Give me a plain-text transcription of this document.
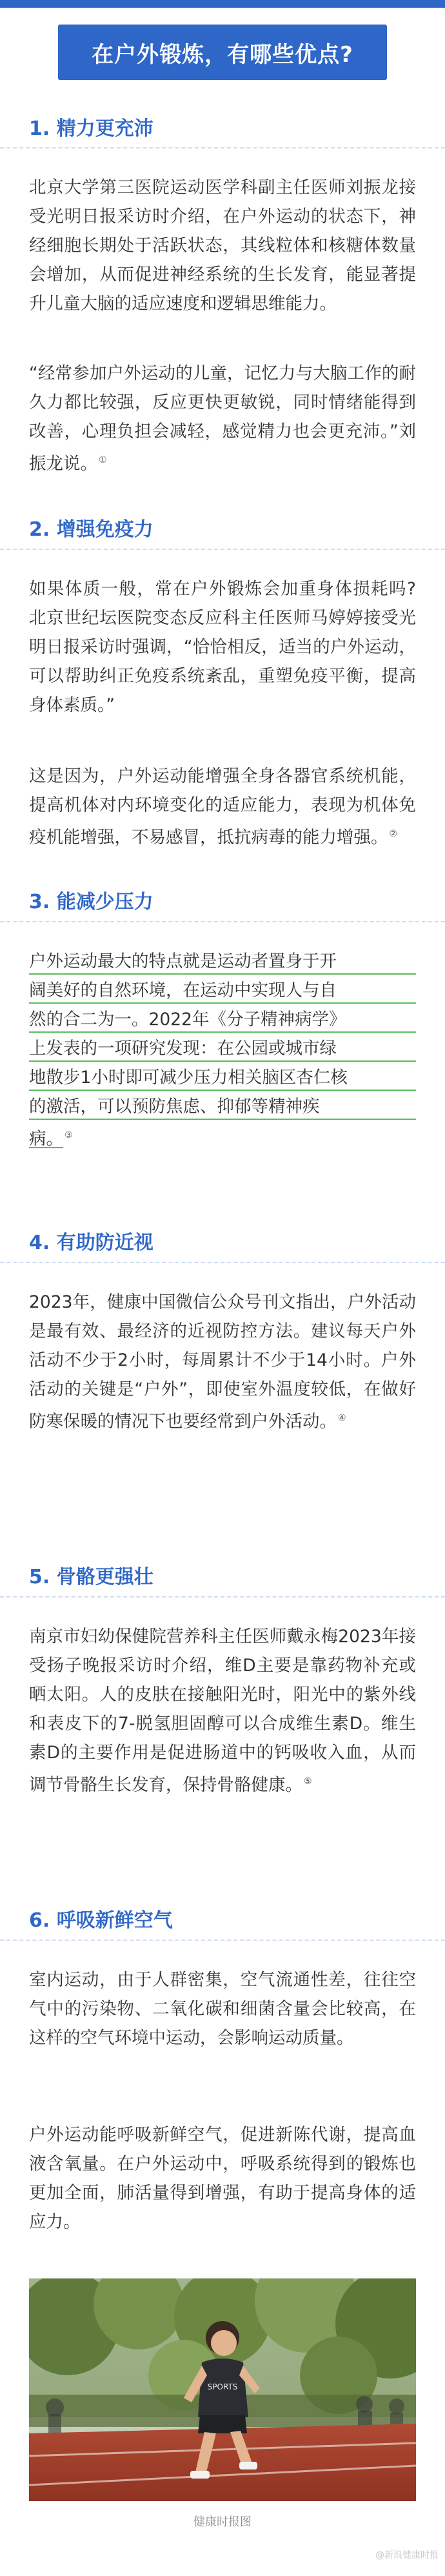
在户外锻炼，有哪些优点?
1. 精力更充沛

北京大学第三医院运动医学科副主任医师刘振龙接受光明日报采访时介绍，在户外运动的状态下，神经细胞长期处于活跃状态，其线粒体和核糖体数量会增加，从而促进神经系统的生长发育，能显著提升儿童大脑的适应速度和逻辑思维能力。

“经常参加户外运动的儿童，记忆力与大脑工作的耐久力都比较强，反应更快更敏锐，同时情绪能得到改善，心理负担会减轻，感觉精力也会更充沛。”刘振龙说。 ①

2. 增强免疫力

如果体质一般，常在户外锻炼会加重身体损耗吗? 北京世纪坛医院变态反应科主任医师马婷婷接受光明日报采访时强调，“恰恰相反，适当的户外运动，可以帮助纠正免疫系统紊乱，重塑免疫平衡，提高身体素质。”

这是因为，户外运动能增强全身各器官系统机能，提高机体对内环境变化的适应能力，表现为机体免疫机能增强，不易感冒，抵抗病毒的能力增强。 ②

3. 能减少压力
户外运动最大的特点就是运动者置身于开
阔美好的自然环境，在运动中实现人与自
然的合二为一。2022年《分子精神病学》
上发表的一项研究发现：在公园或城市绿
地散步1小时即可减少压力相关脑区杏仁核
的激活，可以预防焦虑、抑郁等精神疾
病。 ③
4. 有助防近视

2023年，健康中国微信公众号刊文指出，户外活动是最有效、最经济的近视防控方法。建议每天户外活动不少于2小时，每周累计不少于14小时。户外活动的关键是“户外”，即使室外温度较低，在做好防寒保暖的情况下也要经常到户外活动。 ④

5. 骨骼更强壮

南京市妇幼保健院营养科主任医师戴永梅2023年接受扬子晚报采访时介绍，维D主要是靠药物补充或晒太阳。人的皮肤在接触阳光时，阳光中的紫外线和表皮下的7-脱氢胆固醇可以合成维生素D。维生素D的主要作用是促进肠道中的钙吸收入血，从而调节骨骼生长发育，保持骨骼健康。 ⑤

6. 呼吸新鲜空气

室内运动，由于人群密集，空气流通性差，往往空气中的污染物、二氧化碳和细菌含量会比较高，在这样的空气环境中运动，会影响运动质量。

户外运动能呼吸新鲜空气，促进新陈代谢，提高血液含氧量。在户外运动中，呼吸系统得到的锻炼也更加全面，肺活量得到增强，有助于提高身体的适应力。

SPORTS
健康时报图
@新浪健康时报
